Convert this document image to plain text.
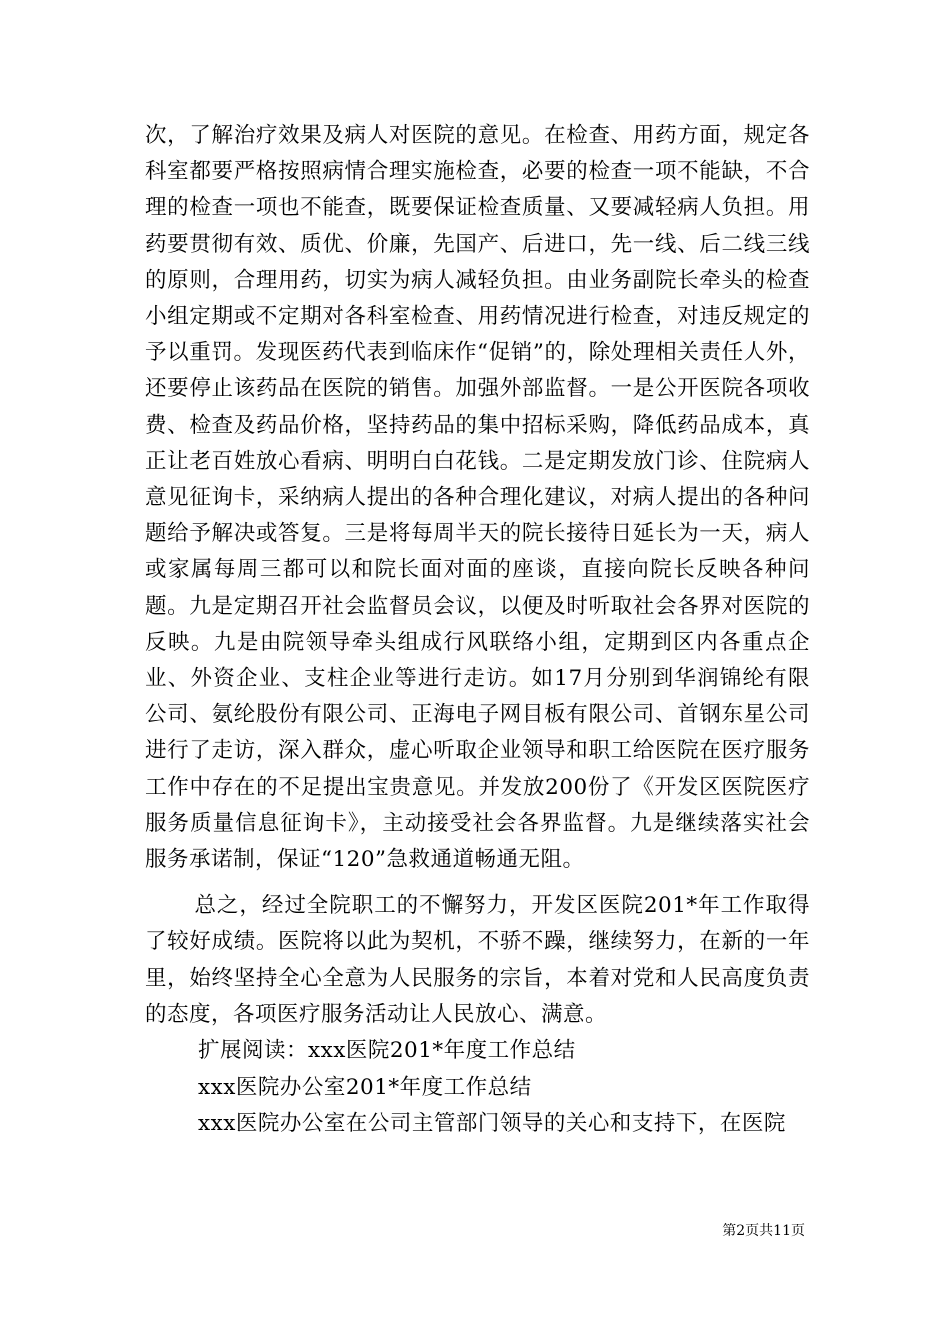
次，了解治疗效果及病人对医院的意见。在检查、用药方面，规定各科室都要严格按照病情合理实施检查，必要的检查一项不能缺，不合理的检查一项也不能查，既要保证检查质量、又要减轻病人负担。用药要贯彻有效、质优、价廉，先国产、后进口，先一线、后二线三线的原则，合理用药，切实为病人减轻负担。由业务副院长牵头的检查小组定期或不定期对各科室检查、用药情况进行检查，对违反规定的予以重罚。发现医药代表到临床作“促销”的，除处理相关责任人外，还要停止该药品在医院的销售。加强外部监督。一是公开医院各项收费、检查及药品价格，坚持药品的集中招标采购，降低药品成本，真正让老百姓放心看病、明明白白花钱。二是定期发放门诊、住院病人意见征询卡，采纳病人提出的各种合理化建议，对病人提出的各种问题给予解决或答复。三是将每周半天的院长接待日延长为一天，病人或家属每周三都可以和院长面对面的座谈，直接向院长反映各种问题。九是定期召开社会监督员会议，以便及时听取社会各界对医院的反映。九是由院领导牵头组成行风联络小组，定期到区内各重点企业、外资企业、支柱企业等进行走访。如17月分别到华润锦纶有限公司、氨纶股份有限公司、正海电子网目板有限公司、首钢东星公司进行了走访，深入群众，虚心听取企业领导和职工给医院在医疗服务工作中存在的不足提出宝贵意见。并发放200份了《开发区医院医疗服务质量信息征询卡》，主动接受社会各界监督。九是继续落实社会服务承诺制，保证“120”急救通道畅通无阻。

总之，经过全院职工的不懈努力，开发区医院201*年工作取得了较好成绩。医院将以此为契机，不骄不躁，继续努力，在新的一年里，始终坚持全心全意为人民服务的宗旨，本着对党和人民高度负责的态度，各项医疗服务活动让人民放心、满意。

扩展阅读：xxx医院201*年度工作总结

xxx医院办公室201*年度工作总结

xxx医院办公室在公司主管部门领导的关心和支持下，在医院

第2页共11页
